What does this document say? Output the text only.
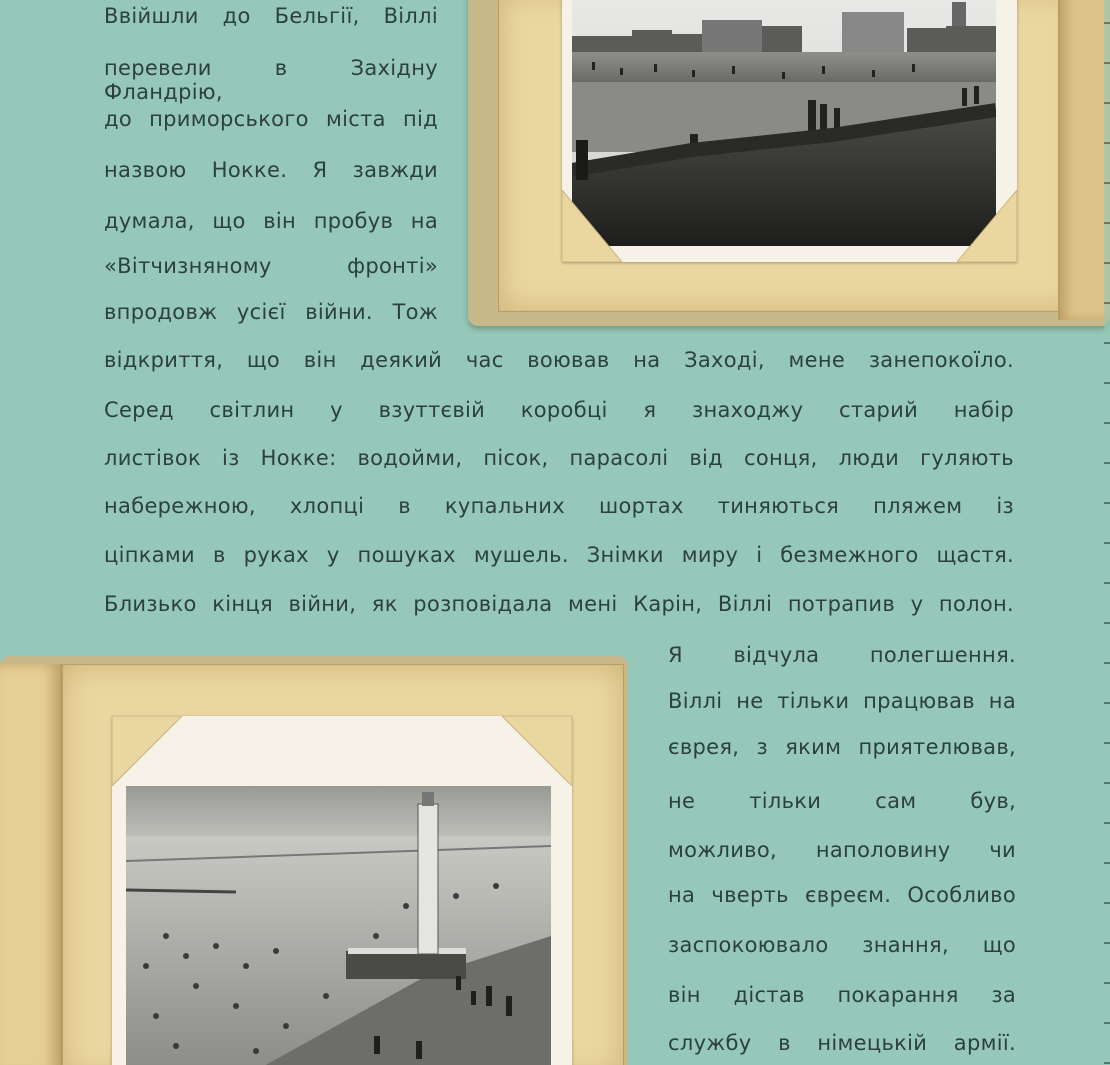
Ввійшли до Бельгії, Віллі
перевели в Західну Фландрію,
до приморського міста під
назвою Нокке. Я завжди
думала, що він пробув на
«Вітчизняному фронті»
впродовж усієї війни. Тож
відкриття, що він деякий час воював на Заході, мене занепокоїло.
Серед світлин у взуттєвій коробці я знаходжу старий набір
листівок із Нокке: водойми, пісок, парасолі від сонця, люди гуляють
набережною, хлопці в купальних шортах тиняються пляжем із
ціпками в руках у пошуках мушель. Знімки миру і безмежного щастя.
Близько кінця війни, як розповідала мені Карін, Віллі потрапив у полон.
Я відчула полегшення.
Віллі не тільки працював на
єврея, з яким приятелював,
не тільки сам був,
можливо, наполовину чи
на чверть євреєм. Особливо
заспокоювало знання, що
він дістав покарання за
службу в німецькій армії.
